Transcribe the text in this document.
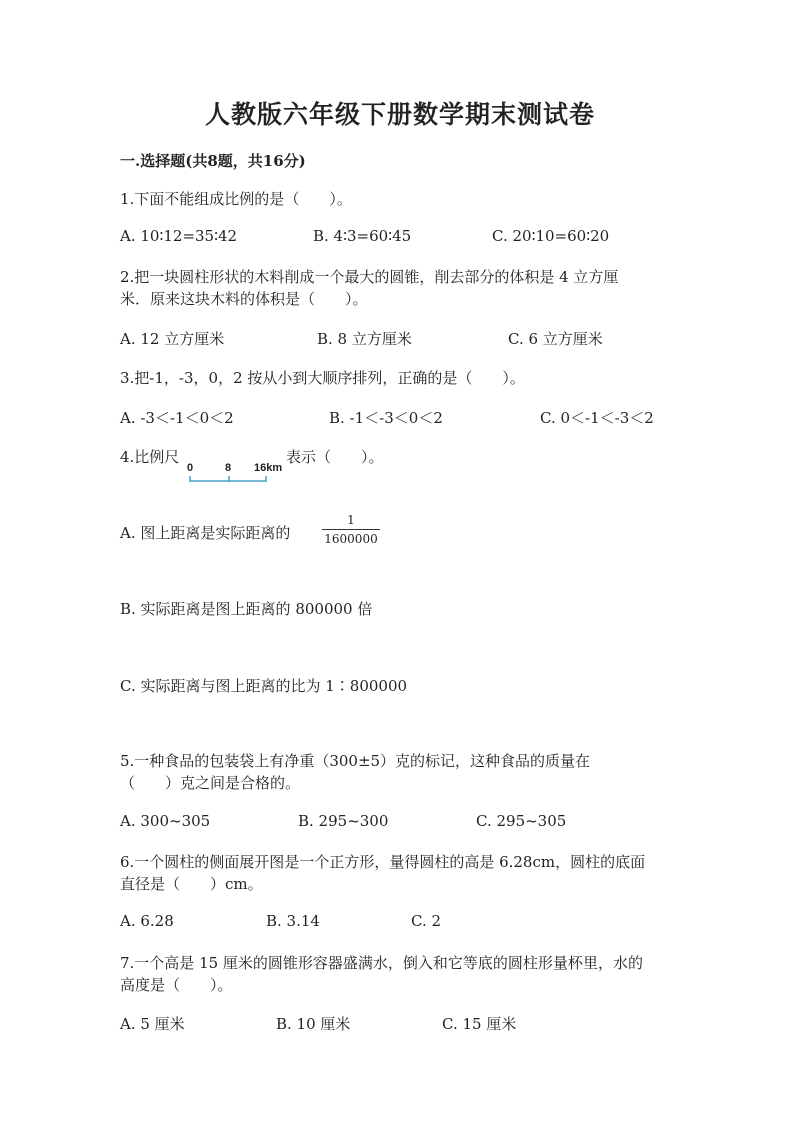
人教版六年级下册数学期末测试卷
一.选择题(共8题，共16分)
1.下面不能组成比例的是（　　）。
A. 10∶12=35∶42	B. 4∶3=60∶45	C. 20∶10=60∶20
2.把一块圆柱形状的木料削成一个最大的圆锥，削去部分的体积是 4 立方厘
米．原来这块木料的体积是（　　）。
A. 12 立方厘米	B. 8 立方厘米	C. 6 立方厘米
3.把-1，-3，0，2 按从小到大顺序排列，正确的是（　　）。
A. -3＜-1＜0＜2	B. -1＜-3＜0＜2	C. 0＜-1＜-3＜2
4.比例尺
0	8 16km
表示（　　）。
A. 图上距离是实际距离的
1
1600000
B. 实际距离是图上距离的 800000 倍
C. 实际距离与图上距离的比为 1∶800000
5.一种食品的包装袋上有净重（300±5）克的标记，这种食品的质量在
（　　）克之间是合格的。
A. 300~305	B. 295~300	C. 295~305
6.一个圆柱的侧面展开图是一个正方形，量得圆柱的高是 6.28cm，圆柱的底面
直径是（　　）cm。
A. 6.28	B. 3.14	C. 2
7.一个高是 15 厘米的圆锥形容器盛满水，倒入和它等底的圆柱形量杯里，水的
高度是（　　）。
A. 5 厘米	B. 10 厘米	C. 15 厘米
